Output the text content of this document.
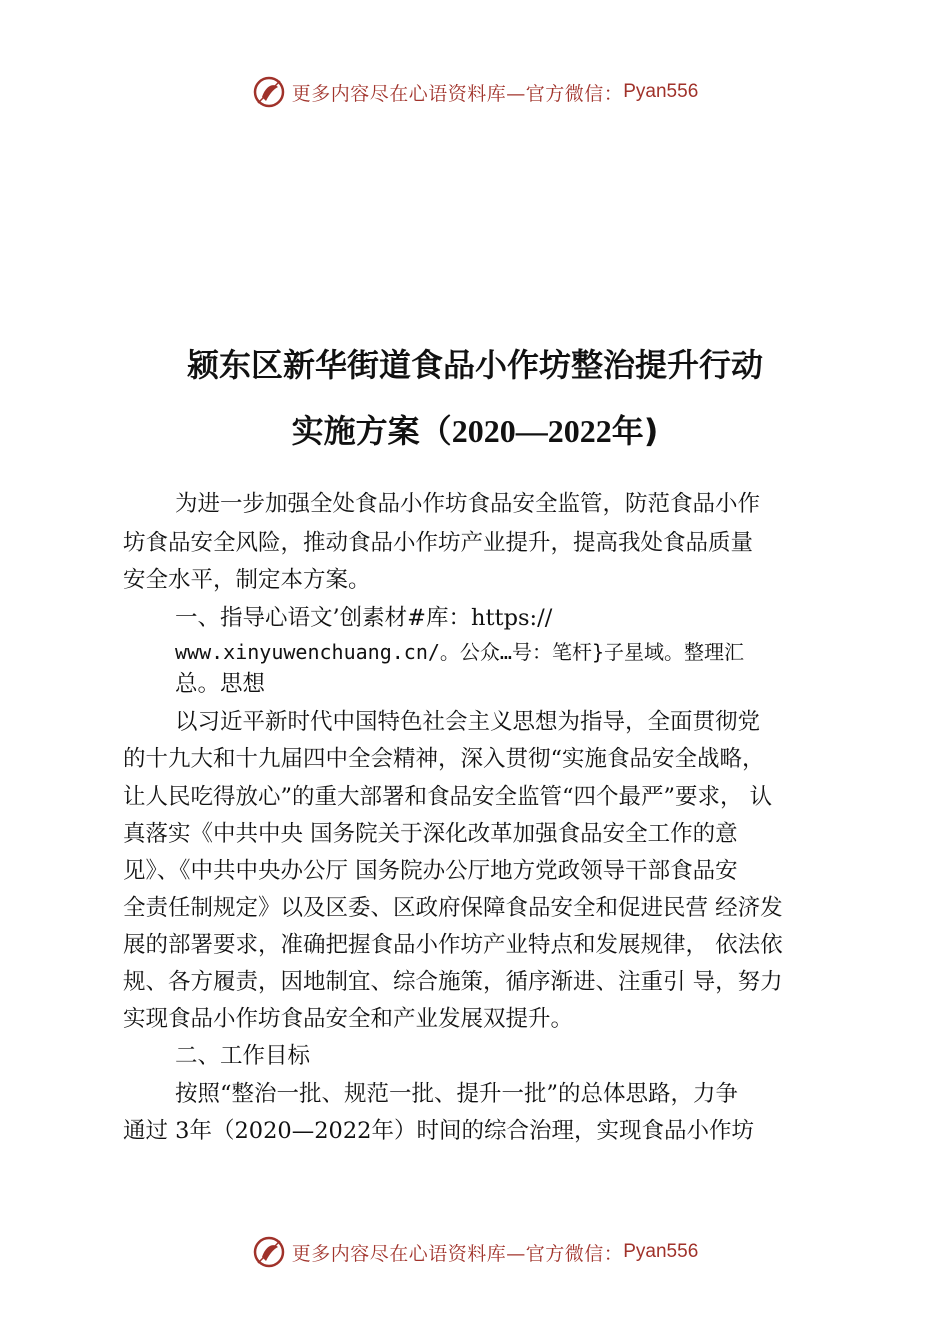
更多内容尽在心语资料库—官方微信： Pyan556
颍东区新华街道食品小作坊整治提升行动
实施方案（2020—2022年)
为进一步加强全处食品小作坊食品安全监管，防范食品小作
坊食品安全风险，推动食品小作坊产业提升，提高我处食品质量
安全水平，制定本方案。
一、指导心语文’创素材#库：https://
www.xinyuwenchuang.cn/。公众…号：笔杆}子星域。整理汇
总。思想
以习近平新时代中国特色社会主义思想为指导，全面贯彻党
的十九大和十九届四中全会精神，深入贯彻“实施食品安全战略，
让人民吃得放心”的重大部署和食品安全监管“四个最严”要求， 认
真落实《中共中央 国务院关于深化改革加强食品安全工作的意
见》、《中共中央办公厅 国务院办公厅地方党政领导干部食品安
全责任制规定》以及区委、区政府保障食品安全和促进民营 经济发
展的部署要求，准确把握食品小作坊产业特点和发展规律， 依法依
规、各方履责，因地制宜、综合施策，循序渐进、注重引 导，努力
实现食品小作坊食品安全和产业发展双提升。
二、工作目标
按照“整治一批、规范一批、提升一批”的总体思路，力争
通过 3年（2020—2022年）时间的综合治理，实现食品小作坊
更多内容尽在心语资料库—官方微信： Pyan556
